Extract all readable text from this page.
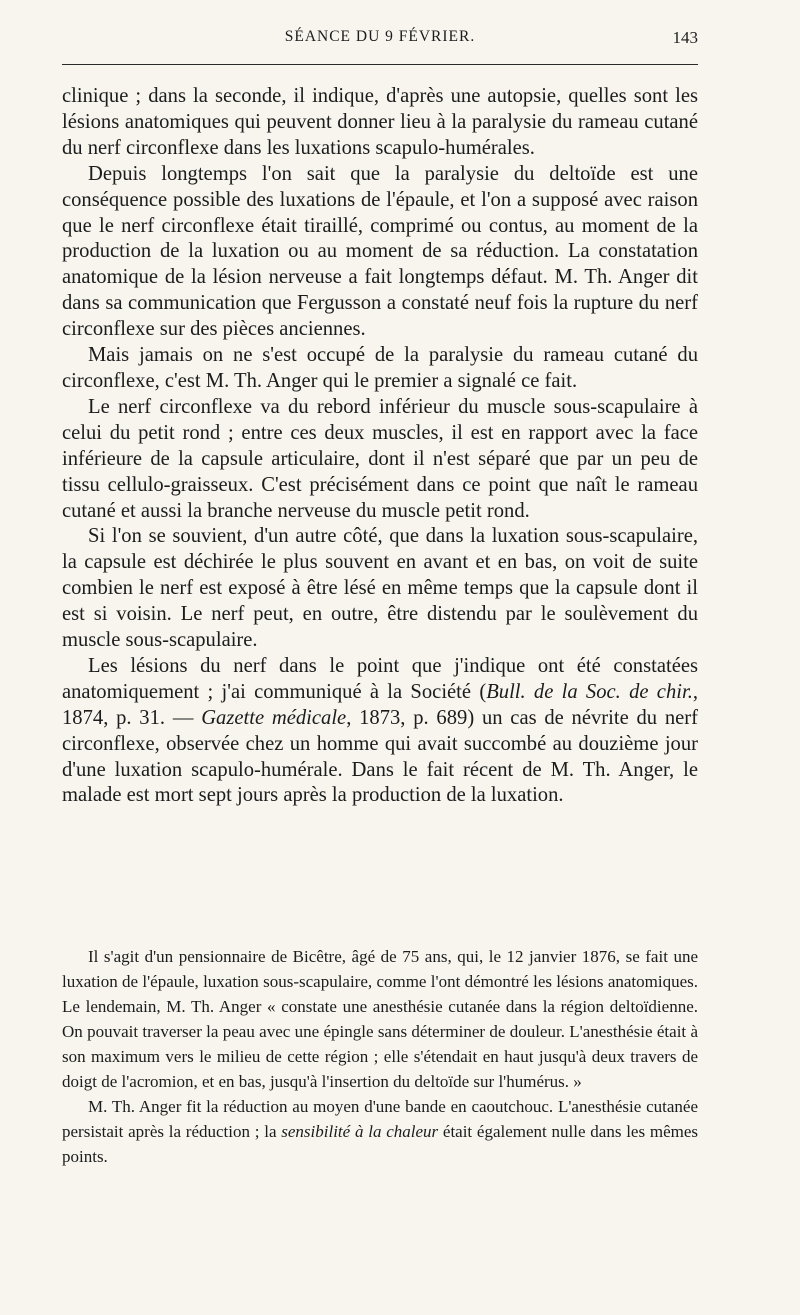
SÉANCE DU 9 FÉVRIER.	143

clinique ; dans la seconde, il indique, d'après une autopsie, quelles sont les lésions anatomiques qui peuvent donner lieu à la paralysie du rameau cutané du nerf circonflexe dans les luxations scapulo-humérales.

Depuis longtemps l'on sait que la paralysie du deltoïde est une conséquence possible des luxations de l'épaule, et l'on a supposé avec raison que le nerf circonflexe était tiraillé, comprimé ou contus, au moment de la production de la luxation ou au moment de sa réduction. La constatation anatomique de la lésion nerveuse a fait longtemps défaut. M. Th. Anger dit dans sa communication que Fergusson a constaté neuf fois la rupture du nerf circonflexe sur des pièces anciennes.

Mais jamais on ne s'est occupé de la paralysie du rameau cutané du circonflexe, c'est M. Th. Anger qui le premier a signalé ce fait.

Le nerf circonflexe va du rebord inférieur du muscle sous-scapulaire à celui du petit rond ; entre ces deux muscles, il est en rapport avec la face inférieure de la capsule articulaire, dont il n'est séparé que par un peu de tissu cellulo-graisseux. C'est précisément dans ce point que naît le rameau cutané et aussi la branche nerveuse du muscle petit rond.

Si l'on se souvient, d'un autre côté, que dans la luxation sous-scapulaire, la capsule est déchirée le plus souvent en avant et en bas, on voit de suite combien le nerf est exposé à être lésé en même temps que la capsule dont il est si voisin. Le nerf peut, en outre, être distendu par le soulèvement du muscle sous-scapulaire.

Les lésions du nerf dans le point que j'indique ont été constatées anatomiquement ; j'ai communiqué à la Société (Bull. de la Soc. de chir., 1874, p. 31. — Gazette médicale, 1873, p. 689) un cas de névrite du nerf circonflexe, observée chez un homme qui avait succombé au douzième jour d'une luxation scapulo-humérale. Dans le fait récent de M. Th. Anger, le malade est mort sept jours après la production de la luxation.

Il s'agit d'un pensionnaire de Bicêtre, âgé de 75 ans, qui, le 12 janvier 1876, se fait une luxation de l'épaule, luxation sous-scapulaire, comme l'ont démontré les lésions anatomiques. Le lendemain, M. Th. Anger « constate une anesthésie cutanée dans la région deltoïdienne. On pouvait traverser la peau avec une épingle sans déterminer de douleur. L'anesthésie était à son maximum vers le milieu de cette région ; elle s'étendait en haut jusqu'à deux travers de doigt de l'acromion, et en bas, jusqu'à l'insertion du deltoïde sur l'humérus. »

M. Th. Anger fit la réduction au moyen d'une bande en caoutchouc. L'anesthésie cutanée persistait après la réduction ; la sensibilité à la chaleur était également nulle dans les mêmes points.
